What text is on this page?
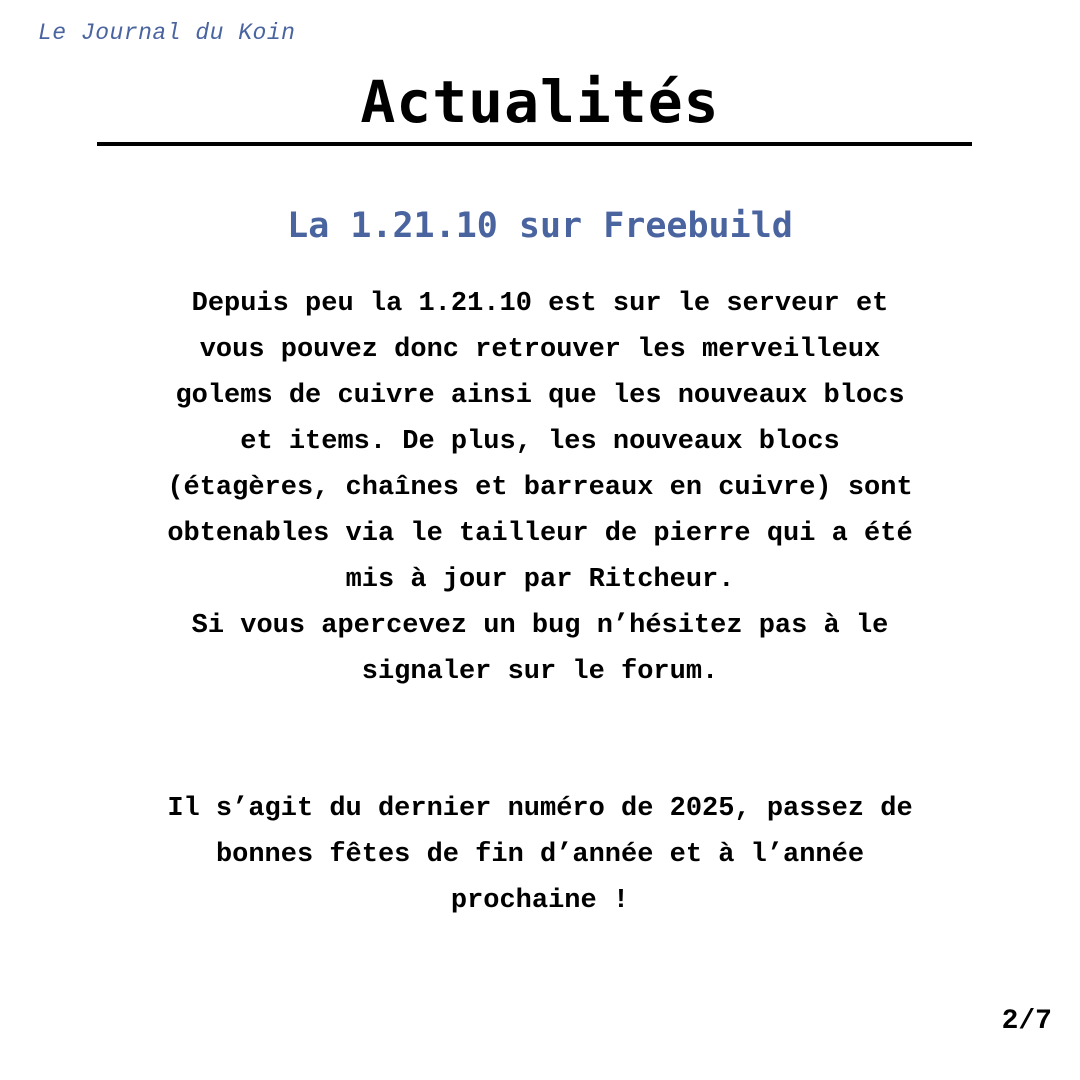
Le Journal du Koin
Actualités
La 1.21.10 sur Freebuild

Depuis peu la 1.21.10 est sur le serveur et
vous pouvez donc retrouver les merveilleux
golems de cuivre ainsi que les nouveaux blocs
et items. De plus, les nouveaux blocs
(étagères, chaînes et barreaux en cuivre) sont
obtenables via le tailleur de pierre qui a été
mis à jour par Ritcheur.
Si vous apercevez un bug n’hésitez pas à le
signaler sur le forum.

Il s’agit du dernier numéro de 2025, passez de
bonnes fêtes de fin d’année et à l’année
prochaine !

2/7
